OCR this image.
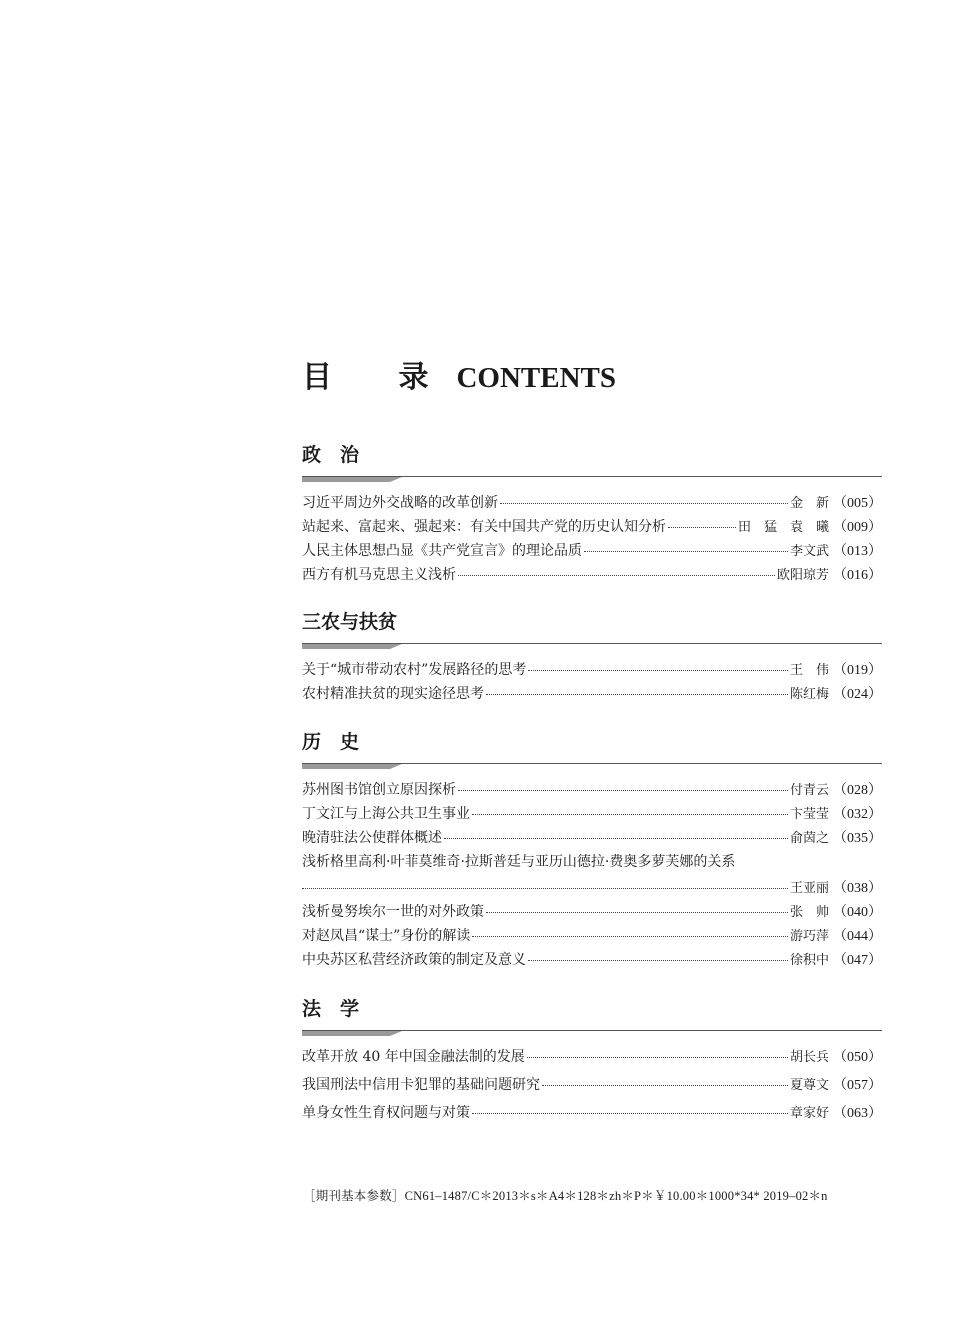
目 录CONTENTS
政　治
习近平周边外交战略的改革创新	金　新 （005）
站起来、富起来、强起来：有关中国共产党的历史认知分析	田　猛　袁　曦 （009）
人民主体思想凸显《共产党宣言》的理论品质	李文武 （013）
西方有机马克思主义浅析	欧阳琼芳 （016）
三农与扶贫
关于“城市带动农村”发展路径的思考	王　伟 （019）
农村精准扶贫的现实途径思考	陈红梅 （024）
历　史
苏州图书馆创立原因探析	付青云 （028）
丁文江与上海公共卫生事业	卞莹莹 （032）
晚清驻法公使群体概述	俞茵之 （035）
浅析格里高利·叶菲莫维奇·拉斯普廷与亚历山德拉·费奥多萝芙娜的关系
王亚丽 （038）
浅析曼努埃尔一世的对外政策	张　帅 （040）
对赵凤昌“谋士”身份的解读	游巧萍 （044）
中央苏区私营经济政策的制定及意义	徐积中 （047）
法　学
改革开放 40 年中国金融法制的发展	胡长兵 （050）
我国刑法中信用卡犯罪的基础问题研究	夏尊文 （057）
单身女性生育权问题与对策	章家好 （063）
［期刊基本参数］CN61–1487/C＊2013＊s＊A4＊128＊zh＊P＊￥10.00＊1000*34* 2019–02＊n
